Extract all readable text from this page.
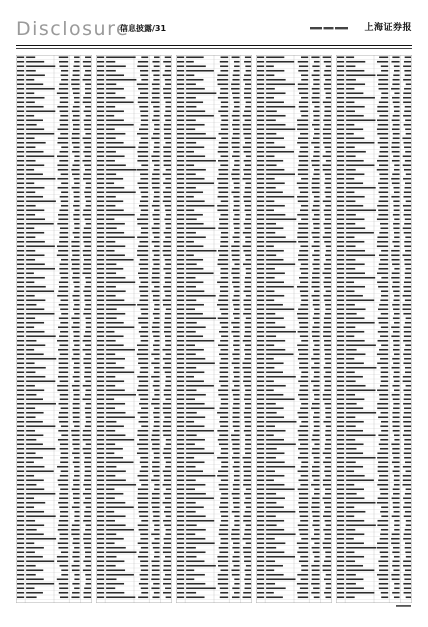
Disclosure
信息披露/31	上海证券报
